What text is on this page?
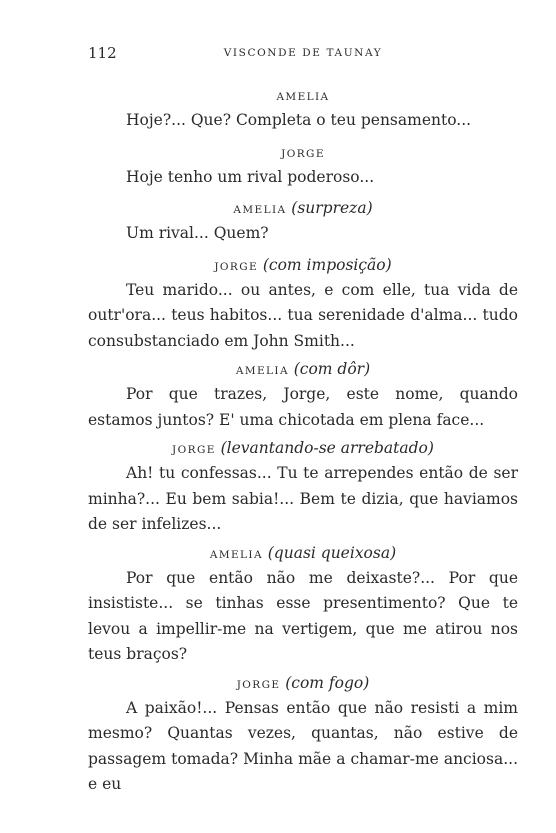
112	VISCONDE DE TAUNAY
AMELIA

Hoje?... Que? Completa o teu pensamento...

JORGE

Hoje tenho um rival poderoso...

AMELIA (surpreza)

Um rival... Quem?

JORGE (com imposição)

Teu marido... ou antes, e com elle, tua vida de outr'ora... teus habitos... tua serenidade d'alma... tudo consubstanciado em John Smith...

AMELIA (com dôr)

Por que trazes, Jorge, este nome, quando estamos juntos? E' uma chicotada em plena face...

JORGE (levantando-se arrebatado)

Ah! tu confessas... Tu te arrependes então de ser minha?... Eu bem sabia!... Bem te dizia, que haviamos de ser infelizes...

AMELIA (quasi queixosa)

Por que então não me deixaste?... Por que insististe... se tinhas esse presentimento? Que te levou a impellir-me na vertigem, que me atirou nos teus braços?

JORGE (com fogo)

A paixão!... Pensas então que não resisti a mim mesmo? Quantas vezes, quantas, não estive de passagem tomada? Minha mãe a chamar-me anciosa... e eu
